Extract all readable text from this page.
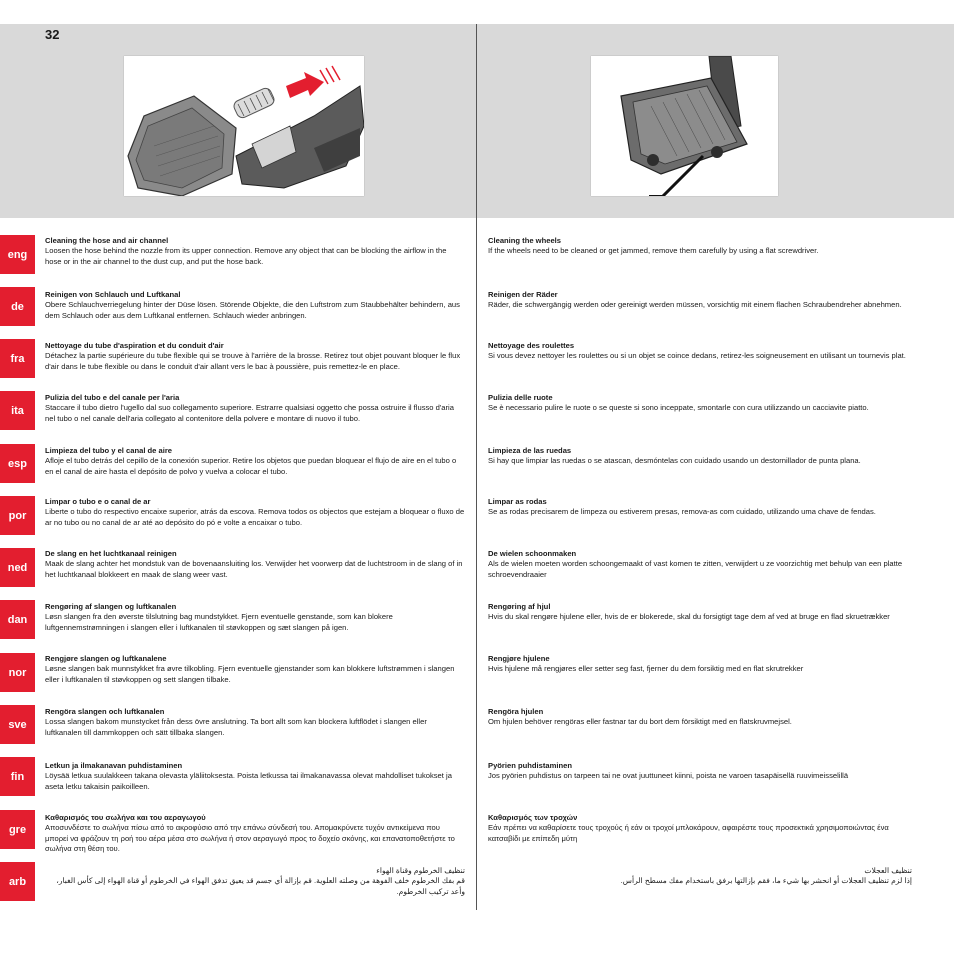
32
eng
de
fra
ita
esp
por
ned
dan
nor
sve
fin
gre
arb
Cleaning the hose and air channel
Loosen the hose behind the nozzle from its upper connection. Remove any object that can be blocking the airflow in the hose or in the air channel to the dust cup, and put the hose back.
Reinigen von Schlauch und Luftkanal
Obere Schlauchverriegelung hinter der Düse lösen. Störende Objekte, die den Luftstrom zum Staubbehälter behindern, aus dem Schlauch oder aus dem Luftkanal entfernen. Schlauch wieder anbringen.
Nettoyage du tube d'aspiration et du conduit d'air
Détachez la partie supérieure du tube flexible qui se trouve à l'arrière de la brosse. Retirez tout objet pouvant bloquer le flux d'air dans le tube flexible ou dans le conduit d'air allant vers le bac à poussière, puis remettez-le en place.
Pulizia del tubo e del canale per l'aria
Staccare il tubo dietro l'ugello dal suo collegamento superiore. Estrarre qualsiasi oggetto che possa ostruire il flusso d'aria nel tubo o nel canale dell'aria collegato al contenitore della polvere e montare di nuovo il tubo.
Limpieza del tubo y el canal de aire
Afloje el tubo detrás del cepillo de la conexión superior. Retire los objetos que puedan bloquear el flujo de aire en el tubo o en el canal de aire hasta el depósito de polvo y vuelva a colocar el tubo.
Limpar o tubo e o canal de ar
Liberte o tubo do respectivo encaixe superior, atrás da escova. Remova todos os objectos que estejam a bloquear o fluxo de ar no tubo ou no canal de ar até ao depósito do pó e volte a encaixar o tubo.
De slang en het luchtkanaal reinigen
Maak de slang achter het mondstuk van de bovenaansluiting los. Verwijder het voorwerp dat de luchtstroom in de slang of in het luchtkanaal blokkeert en maak de slang weer vast.
Rengøring af slangen og luftkanalen
Løsn slangen fra den øverste tilslutning bag mundstykket. Fjern eventuelle genstande, som kan blokere luftgennemstrømningen i slangen eller i luftkanalen til støvkoppen og sæt slangen på igen.
Rengjøre slangen og luftkanalene
Løsne slangen bak munnstykket fra øvre tilkobling. Fjern eventuelle gjenstander som kan blokkere luftstrømmen i slangen eller i luftkanalen til støvkoppen og sett slangen tilbake.
Rengöra slangen och luftkanalen
Lossa slangen bakom munstycket från dess övre anslutning. Ta bort allt som kan blockera luftflödet i slangen eller luftkanalen till dammkoppen och sätt tillbaka slangen.
Letkun ja ilmakanavan puhdistaminen
Löysää letkua suulakkeen takana olevasta yläliitoksesta. Poista letkussa tai ilmakanavassa olevat mahdolliset tukokset ja aseta letku takaisin paikoilleen.
Καθαρισμός του σωλήνα και του αεραγωγού
Αποσυνδέστε το σωλήνα πίσω από το ακροφύσιο από την επάνω σύνδεσή του. Απομακρύνετε τυχόν αντικείμενα που μπορεί να φράζουν τη ροή του αέρα μέσα στο σωλήνα ή στον αεραγωγό προς το δοχείο σκόνης, και επανατοποθετήστε το σωλήνα στη θέση του.
تنظيف الخرطوم وقناة الهواء
قم بفك الخرطوم خلف الفوهة من وصلته العلوية. قم بإزالة أي جسم قد يعيق تدفق الهواء في الخرطوم أو قناة الهواء إلى كأس الغبار، وأعد تركيب الخرطوم.
Cleaning the wheels
If the wheels need to be cleaned or get jammed, remove them carefully by using a flat screwdriver.
Reinigen der Räder
Räder, die schwergängig werden oder gereinigt werden müssen, vorsichtig mit einem flachen Schraubendreher abnehmen.
Nettoyage des roulettes
Si vous devez nettoyer les roulettes ou si un objet se coince dedans, retirez-les soigneusement en utilisant un tournevis plat.
Pulizia delle ruote
Se è necessario pulire le ruote o se queste si sono inceppate, smontarle con cura utilizzando un cacciavite piatto.
Limpieza de las ruedas
Si hay que limpiar las ruedas o se atascan, desmóntelas con cuidado usando un destornillador de punta plana.
Limpar as rodas
Se as rodas precisarem de limpeza ou estiverem presas, remova-as com cuidado, utilizando uma chave de fendas.
De wielen schoonmaken
Als de wielen moeten worden schoongemaakt of vast komen te zitten, verwijdert u ze voorzichtig met behulp van een platte schroevendraaier
Rengøring af hjul
Hvis du skal rengøre hjulene eller, hvis de er blokerede, skal du forsigtigt tage dem af ved at bruge en flad skruetrækker
Rengjøre hjulene
Hvis hjulene må rengjøres eller setter seg fast, fjerner du dem forsiktig med en flat skrutrekker
Rengöra hjulen
Om hjulen behöver rengöras eller fastnar tar du bort dem försiktigt med en flatskruvmejsel.
Pyörien puhdistaminen
Jos pyörien puhdistus on tarpeen tai ne ovat juuttuneet kiinni, poista ne varoen tasapäisellä ruuvimeisselillä
Καθαρισμός των τροχών
Εάν πρέπει να καθαρίσετε τους τροχούς ή εάν οι τροχοί μπλοκάρουν, αφαιρέστε τους προσεκτικά χρησιμοποιώντας ένα κατσαβίδι με επίπεδη μύτη
تنظيف العجلات
إذا لزم تنظيف العجلات أو انحشر بها شيء ما، فقم بإزالتها برفق باستخدام مفك مسطح الرأس.
